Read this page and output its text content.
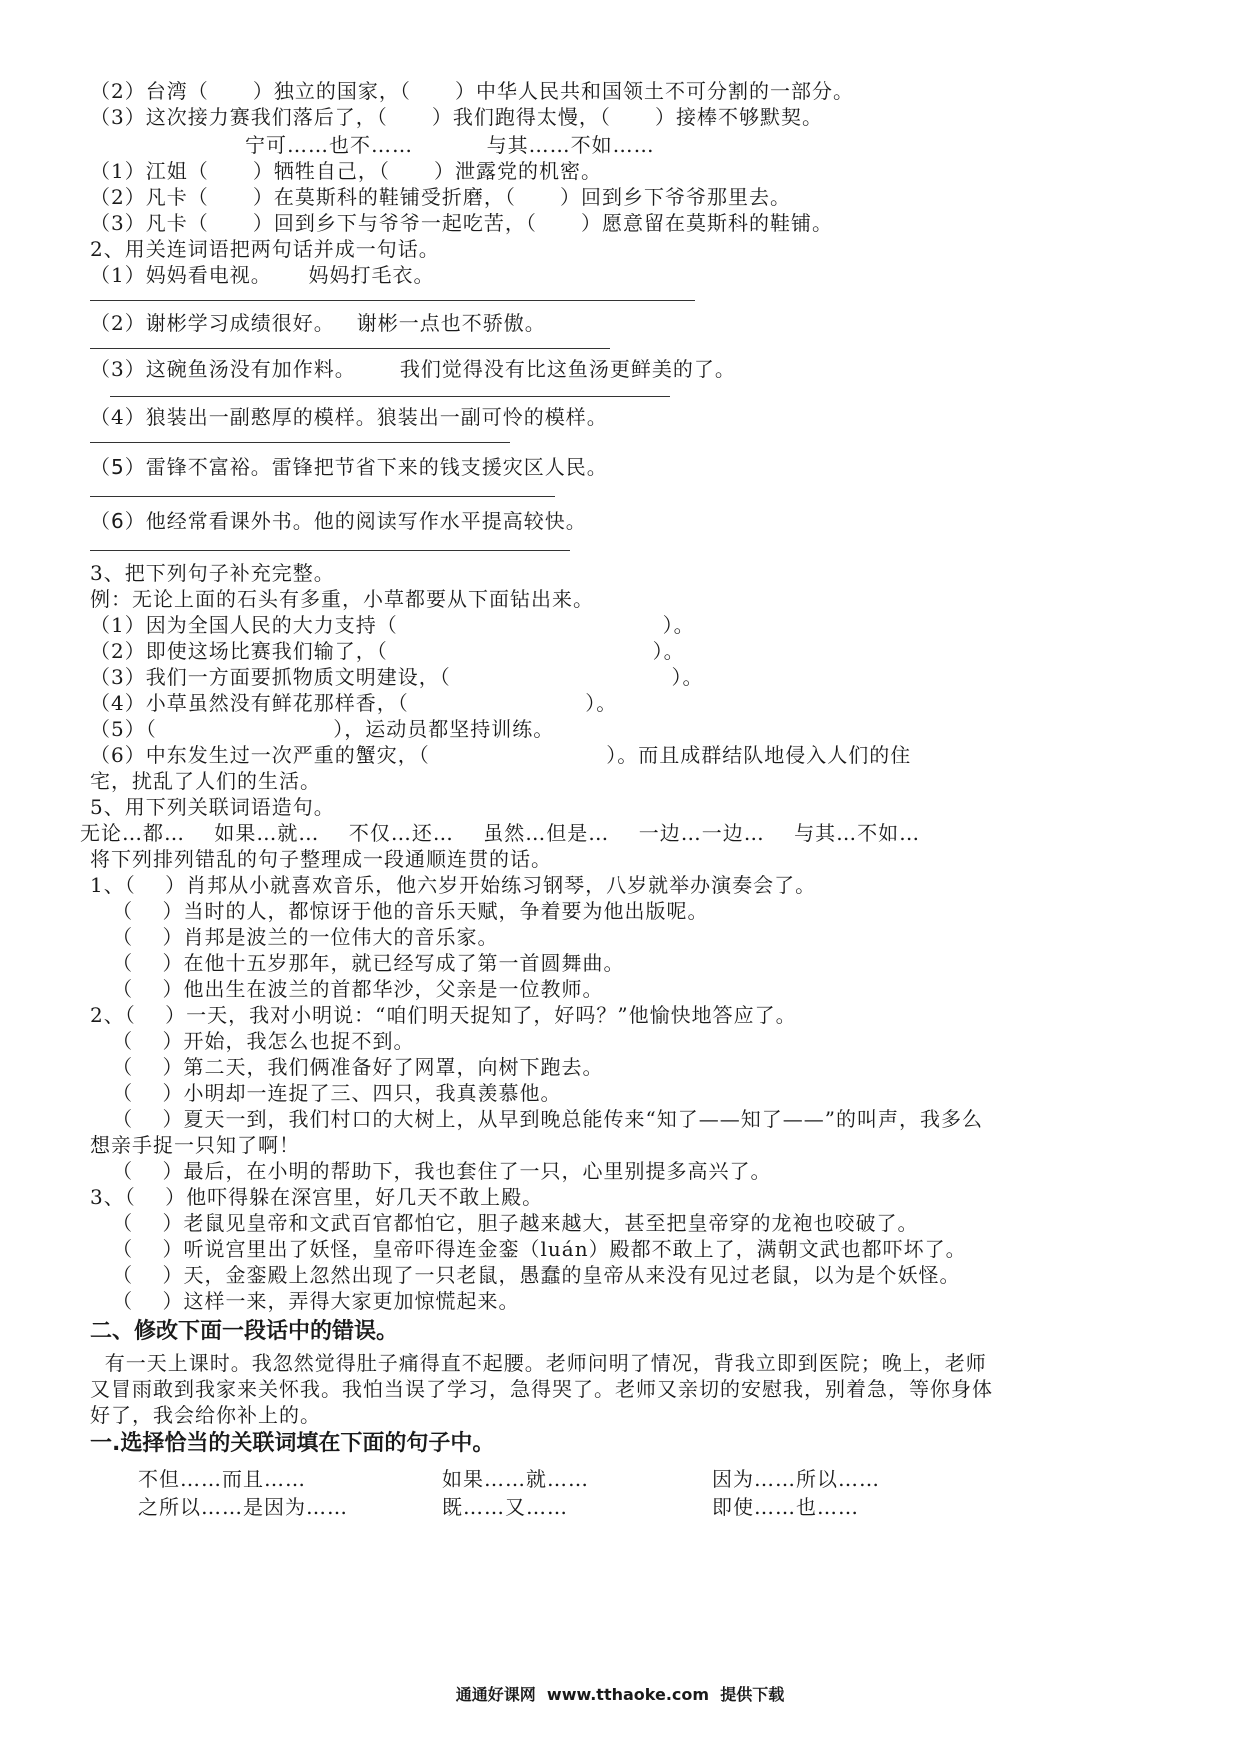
（2）台湾（      ）独立的国家，（      ）中华人民共和国领土不可分割的一部分。
（3）这次接力赛我们落后了，（      ）我们跑得太慢，（      ）接棒不够默契。
宁可……也不……          与其……不如……
（1）江姐（      ）牺牲自己，（      ）泄露党的机密。
（2）凡卡（      ）在莫斯科的鞋铺受折磨，（      ）回到乡下爷爷那里去。
（3）凡卡（      ）回到乡下与爷爷一起吃苦，（      ）愿意留在莫斯科的鞋铺。
2、用关连词语把两句话并成一句话。
（1）妈妈看电视。     妈妈打毛衣。
（2）谢彬学习成绩很好。   谢彬一点也不骄傲。
（3）这碗鱼汤没有加作料。      我们觉得没有比这鱼汤更鲜美的了。
（4）狼装出一副憨厚的模样。狼装出一副可怜的模样。
（5）雷锋不富裕。雷锋把节省下来的钱支援灾区人民。
（6）他经常看课外书。他的阅读写作水平提高较快。
3、把下列句子补充完整。
例：无论上面的石头有多重，小草都要从下面钻出来。
（1）因为全国人民的大力支持（                                    ）。
（2）即使这场比赛我们输了，（                                    ）。
（3）我们一方面要抓物质文明建设，（                              ）。
（4）小草虽然没有鲜花那样香，（                        ）。
（5）（                        ），运动员都坚持训练。
（6）中东发生过一次严重的蟹灾，（                        ）。而且成群结队地侵入人们的住
宅，扰乱了人们的生活。
5、用下列关联词语造句。
无论…都…    如果…就…    不仅…还…    虽然…但是…    一边…一边…    与其…不如…
将下列排列错乱的句子整理成一段通顺连贯的话。
1、（    ）肖邦从小就喜欢音乐，他六岁开始练习钢琴，八岁就举办演奏会了。
（    ）当时的人，都惊讶于他的音乐天赋，争着要为他出版呢。
（    ）肖邦是波兰的一位伟大的音乐家。
（    ）在他十五岁那年，就已经写成了第一首圆舞曲。
（    ）他出生在波兰的首都华沙，父亲是一位教师。
2、（    ）一天，我对小明说：“咱们明天捉知了，好吗？”他愉快地答应了。
（    ）开始，我怎么也捉不到。
（    ）第二天，我们俩准备好了网罩，向树下跑去。
（    ）小明却一连捉了三、四只，我真羡慕他。
（    ）夏天一到，我们村口的大树上，从早到晚总能传来“知了——知了——”的叫声，我多么
想亲手捉一只知了啊！
（    ）最后，在小明的帮助下，我也套住了一只，心里别提多高兴了。
3、（    ）他吓得躲在深宫里，好几天不敢上殿。
（    ）老鼠见皇帝和文武百官都怕它，胆子越来越大，甚至把皇帝穿的龙袍也咬破了。
（    ）听说宫里出了妖怪，皇帝吓得连金銮（luán）殿都不敢上了，满朝文武也都吓坏了。
（    ）天，金銮殿上忽然出现了一只老鼠，愚蠢的皇帝从来没有见过老鼠，以为是个妖怪。
（    ）这样一来，弄得大家更加惊慌起来。
二、修改下面一段话中的错误。
有一天上课时。我忽然觉得肚子痛得直不起腰。老师问明了情况，背我立即到医院；晚上，老师
又冒雨敢到我家来关怀我。我怕当误了学习，急得哭了。老师又亲切的安慰我，别着急，等你身体
好了，我会给你补上的。
一.选择恰当的关联词填在下面的句子中。
不但……而且……	如果……就……	因为……所以……
之所以……是因为……	既……又……	即使……也……
通通好课网  www.tthaoke.com  提供下载
